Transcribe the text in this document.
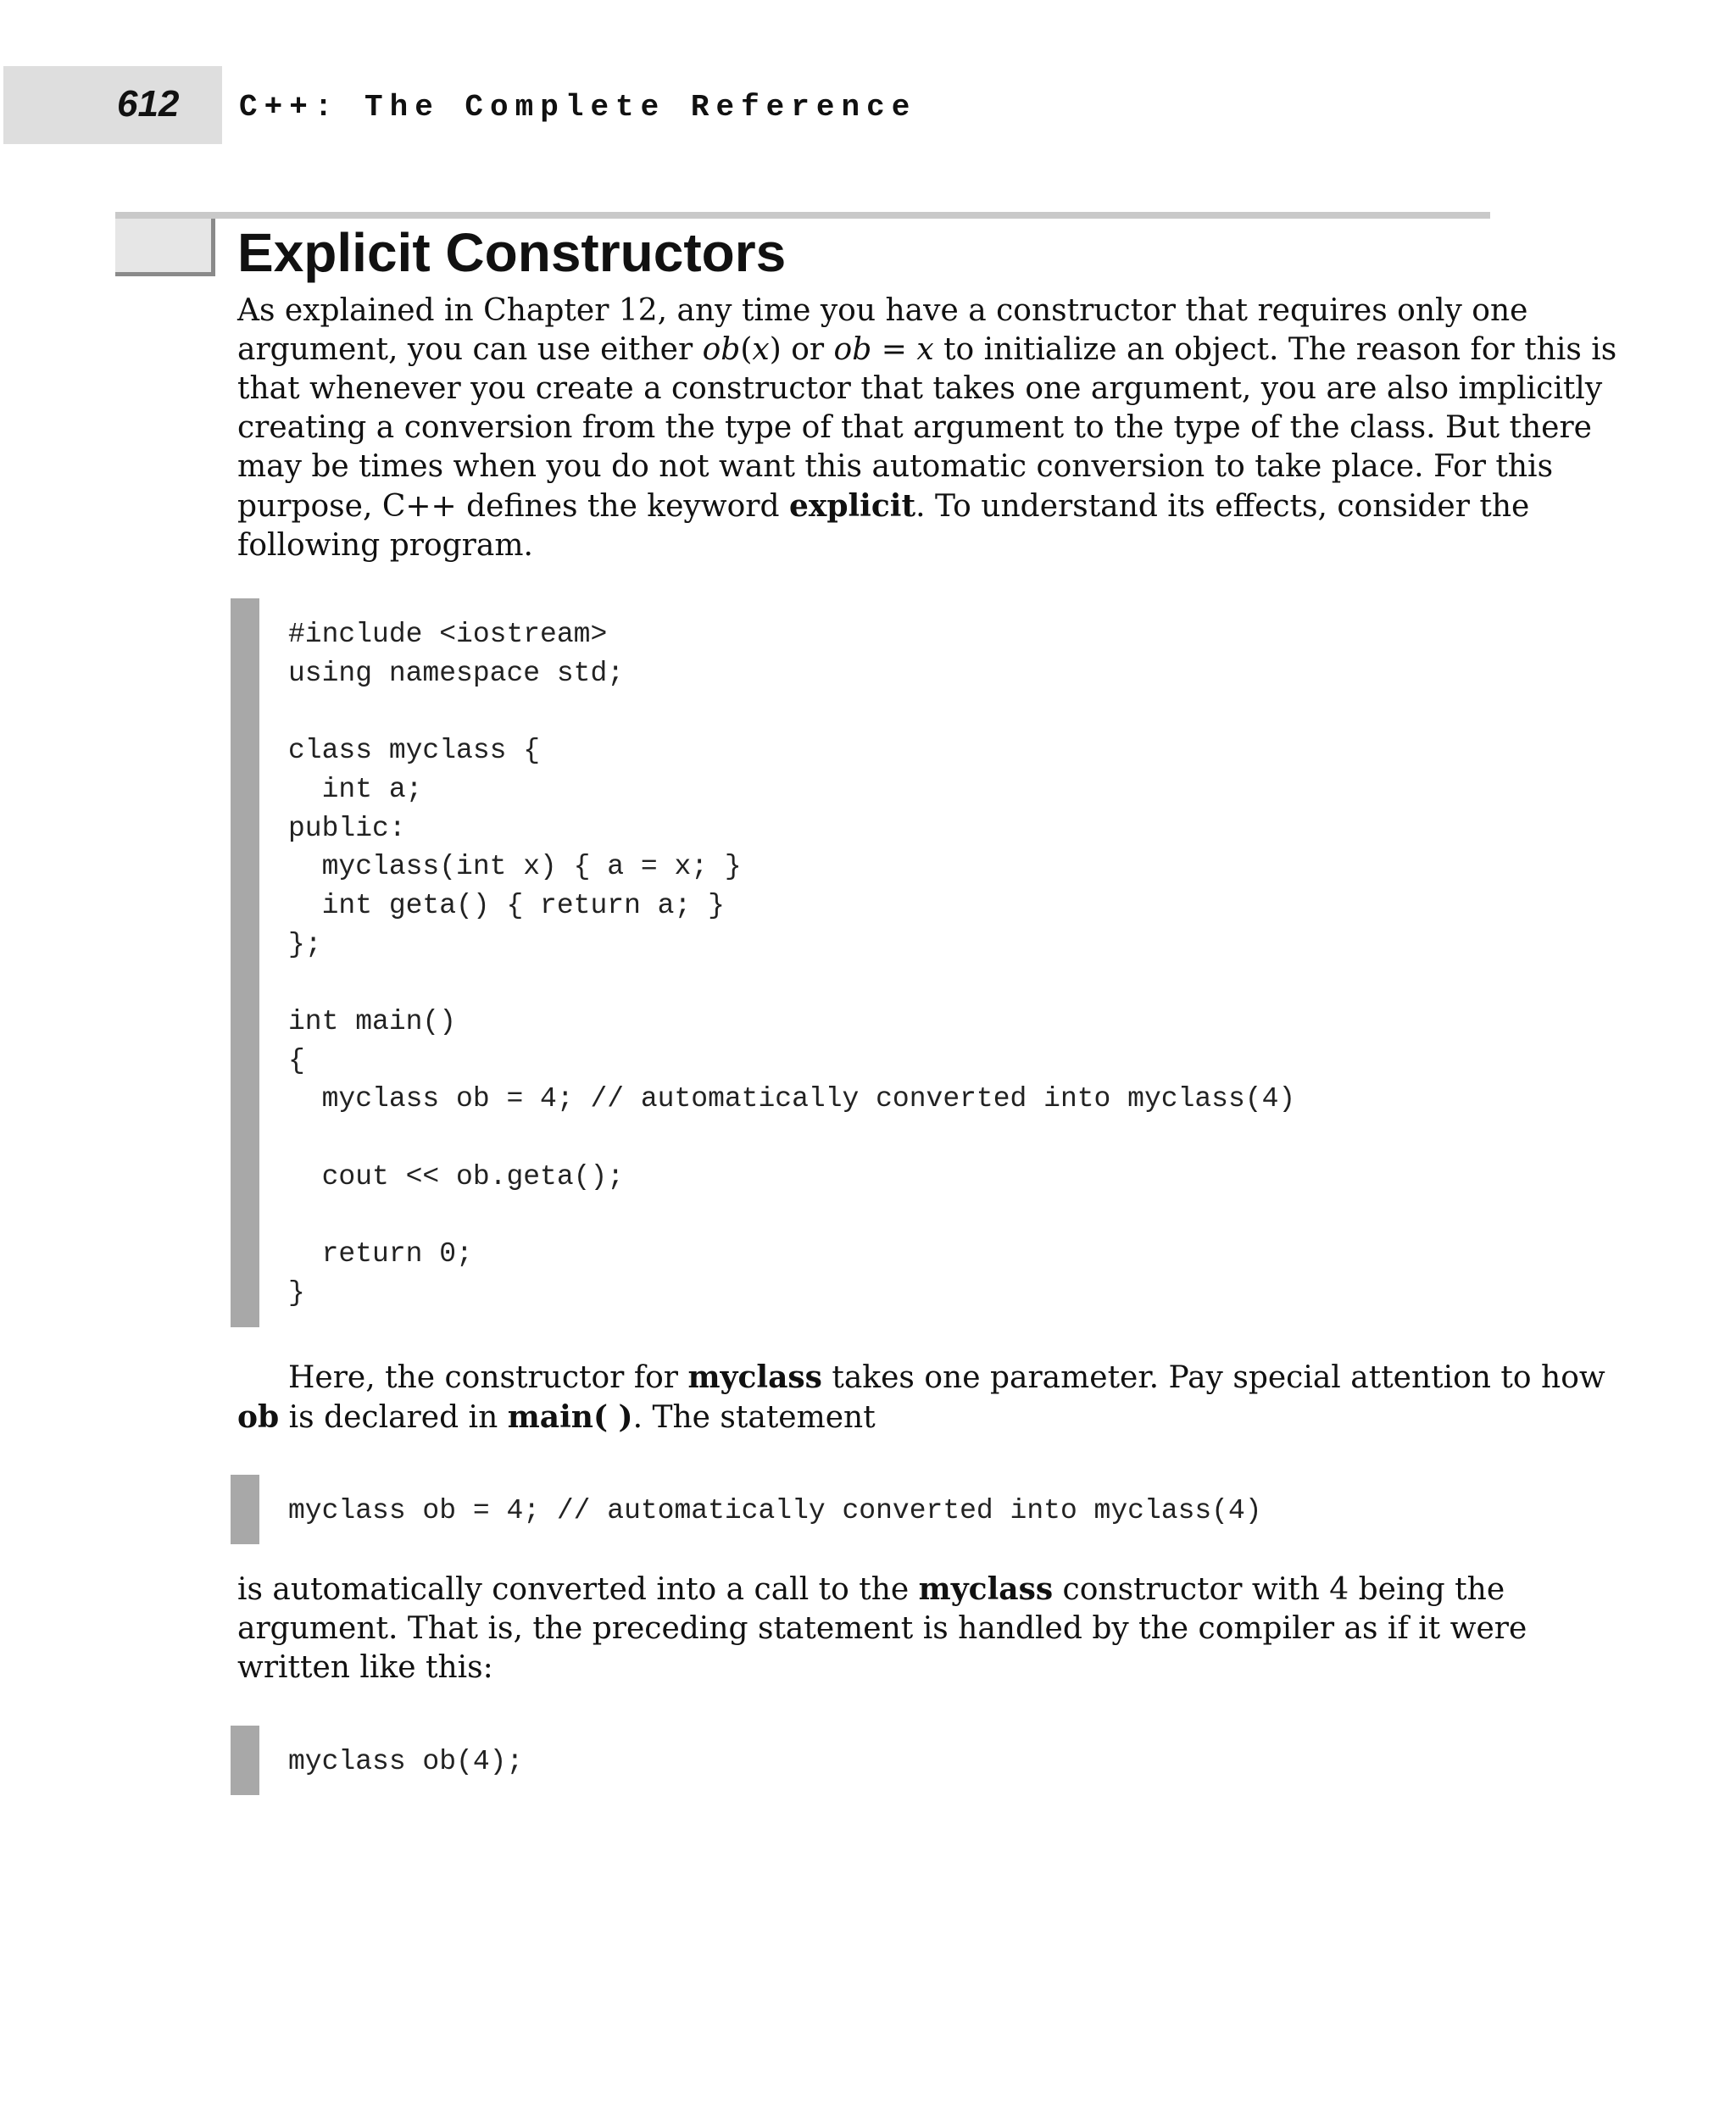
612 C++: The Complete Reference
Explicit Constructors
As explained in Chapter 12, any time you have a constructor that requires only one
argument, you can use either ob(x) or ob = x to initialize an object. The reason for this is
that whenever you create a constructor that takes one argument, you are also implicitly
creating a conversion from the type of that argument to the type of the class. But there
may be times when you do not want this automatic conversion to take place. For this
purpose, C++ defines the keyword explicit. To understand its effects, consider the
following program.
#include <iostream>
using namespace std;

class myclass {
int a;
public:
myclass(int x) { a = x; }
int geta() { return a; }
};

int main()
{
myclass ob = 4; // automatically converted into myclass(4)

cout << ob.geta();

return 0;
}
Here, the constructor for myclass takes one parameter. Pay special attention to how
ob is declared in main( ). The statement
myclass ob = 4; // automatically converted into myclass(4)
is automatically converted into a call to the myclass constructor with 4 being the
argument. That is, the preceding statement is handled by the compiler as if it were
written like this:
myclass ob(4);
